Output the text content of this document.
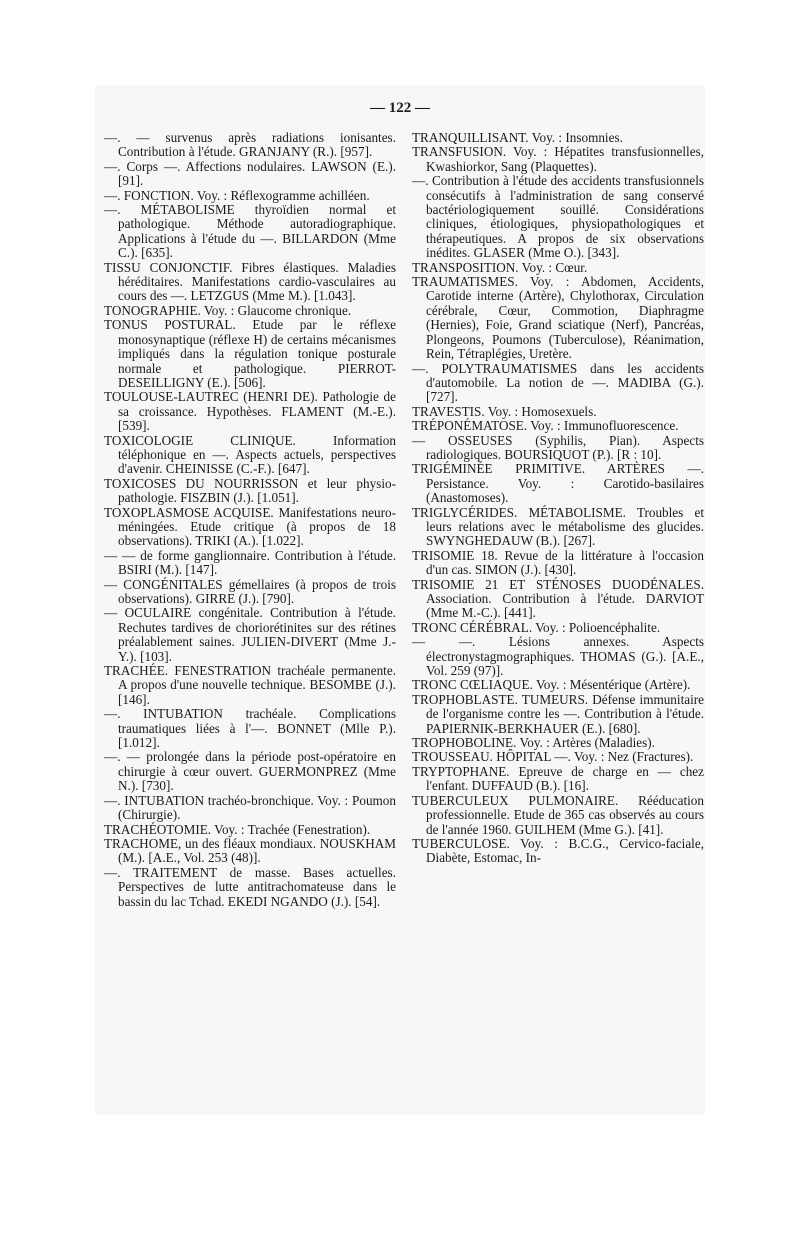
— 122 —

—. — survenus après radiations ionisantes. Contribution à l'étude. GRANJANY (R.). [957].

—. Corps —. Affections nodulaires. LAWSON (E.). [91].

—. FONCTION. Voy. : Réflexogramme achilléen.

—. MÉTABOLISME thyroïdien normal et pathologique. Méthode autoradiographique. Applications à l'étude du —. BILLARDON (Mme C.). [635].

TISSU CONJONCTIF. Fibres élastiques. Maladies héréditaires. Manifestations cardio-vasculaires au cours des —. LETZGUS (Mme M.). [1.043].

TONOGRAPHIE. Voy. : Glaucome chronique.

TONUS POSTURAL. Etude par le réflexe monosynaptique (réflexe H) de certains mécanismes impliqués dans la régulation tonique posturale normale et pathologique. PIERROT-DESEILLIGNY (E.). [506].

TOULOUSE-LAUTREC (HENRI DE). Pathologie de sa croissance. Hypothèses. FLAMENT (M.-E.). [539].

TOXICOLOGIE CLINIQUE. Information téléphonique en —. Aspects actuels, perspectives d'avenir. CHEINISSE (C.-F.). [647].

TOXICOSES DU NOURRISSON et leur physio-pathologie. FISZBIN (J.). [1.051].

TOXOPLASMOSE ACQUISE. Manifestations neuro-méningées. Etude critique (à propos de 18 observations). TRIKI (A.). [1.022].

— — de forme ganglionnaire. Contribution à l'étude. BSIRI (M.). [147].

— CONGÉNITALES gémellaires (à propos de trois observations). GIRRE (J.). [790].

— OCULAIRE congénitale. Contribution à l'étude. Rechutes tardives de choriorétinites sur des rétines préalablement saines. JULIEN-DIVERT (Mme J.-Y.). [103].

TRACHÉE. FENESTRATION trachéale permanente. A propos d'une nouvelle technique. BESOMBE (J.). [146].

—. INTUBATION trachéale. Complications traumatiques liées à l'—. BONNET (Mlle P.). [1.012].

—. — prolongée dans la période post-opératoire en chirurgie à cœur ouvert. GUERMONPREZ (Mme N.). [730].

—. INTUBATION trachéo-bronchique. Voy. : Poumon (Chirurgie).

TRACHÉOTOMIE. Voy. : Trachée (Fenestration).

TRACHOME, un des fléaux mondiaux. NOUSKHAM (M.). [A.E., Vol. 253 (48)].

—. TRAITEMENT de masse. Bases actuelles. Perspectives de lutte antitrachomateuse dans le bassin du lac Tchad. EKEDI NGANDO (J.). [54].

TRANQUILLISANT. Voy. : Insomnies.

TRANSFUSION. Voy. : Hépatites transfusionnelles, Kwashiorkor, Sang (Plaquettes).

—. Contribution à l'étude des accidents transfusionnels consécutifs à l'administration de sang conservé bactériologiquement souillé. Considérations cliniques, étiologiques, physiopathologiques et thérapeutiques. A propos de six observations inédites. GLASER (Mme O.). [343].

TRANSPOSITION. Voy. : Cœur.

TRAUMATISMES. Voy. : Abdomen, Accidents, Carotide interne (Artère), Chylothorax, Circulation cérébrale, Cœur, Commotion, Diaphragme (Hernies), Foie, Grand sciatique (Nerf), Pancréas, Plongeons, Poumons (Tuberculose), Réanimation, Rein, Tétraplégies, Uretère.

—. POLYTRAUMATISMES dans les accidents d'automobile. La notion de —. MADIBA (G.). [727].

TRAVESTIS. Voy. : Homosexuels.

TRÉPONÉMATOSE. Voy. : Immunofluorescence.

— OSSEUSES (Syphilis, Pian). Aspects radiologiques. BOURSIQUOT (P.). [R : 10].

TRIGÉMINÉE PRIMITIVE. ARTÈRES —. Persistance. Voy. : Carotido-basilaires (Anastomoses).

TRIGLYCÉRIDES. MÉTABOLISME. Troubles et leurs relations avec le métabolisme des glucides. SWYNGHEDAUW (B.). [267].

TRISOMIE 18. Revue de la littérature à l'occasion d'un cas. SIMON (J.). [430].

TRISOMIE 21 ET STÉNOSES DUODÉNALES. Association. Contribution à l'étude. DARVIOT (Mme M.-C.). [441].

TRONC CÉRÉBRAL. Voy. : Polioencéphalite.

— —. Lésions annexes. Aspects électronystagmographiques. THOMAS (G.). [A.E., Vol. 259 (97)].

TRONC CŒLIAQUE. Voy. : Mésentérique (Artère).

TROPHOBLASTE. TUMEURS. Défense immunitaire de l'organisme contre les —. Contribution à l'étude. PAPIERNIK-BERKHAUER (E.). [680].

TROPHOBOLINE. Voy. : Artères (Maladies).

TROUSSEAU. HÔPITAL —. Voy. : Nez (Fractures).

TRYPTOPHANE. Epreuve de charge en — chez l'enfant. DUFFAUD (B.). [16].

TUBERCULEUX PULMONAIRE. Rééducation professionnelle. Etude de 365 cas observés au cours de l'année 1960. GUILHEM (Mme G.). [41].

TUBERCULOSE. Voy. : B.C.G., Cervico-faciale, Diabète, Estomac, In-
